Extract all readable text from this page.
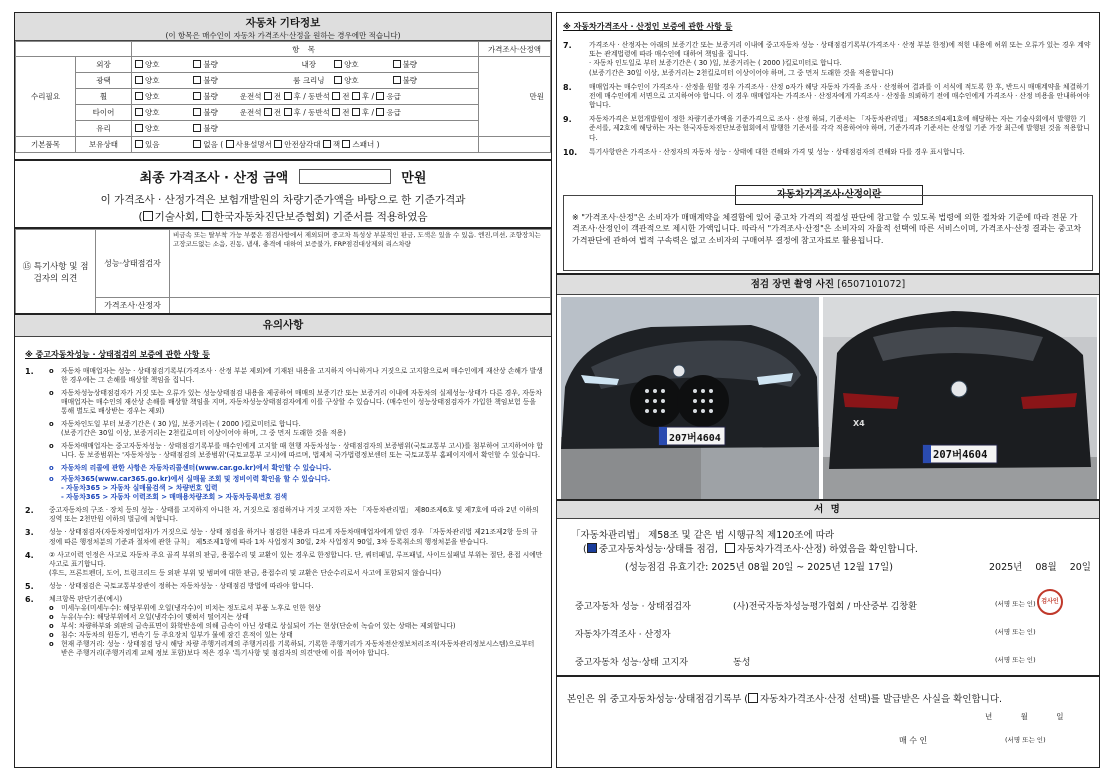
자동차 기타정보
(이 항목은 매수인이 자동차 가격조사·산정을 원하는 경우에만 적습니다)
		항 목	가격조사·산정액
수리필요	외장	양호 불량 내장 양호 불량	만원
	광택	양호 불량 룸 크리닝 양호 불량	
	휠	양호 불량 운전석 전 후 / 동반석 전 후 / 응급	
	타이어	양호 불량 운전석 전 후 / 동반석 전 후 / 응급	
	유리	양호 불량	
기본품목	보유상태	있음 없음 ( 사용설명서 안전삼각대 잭 스패너 )	
최종 가격조사 · 산정 금액	만원
이 가격조사 · 산정가격은 보험개발원의 차량기준가액을 바탕으로 한 기준가격과
( 기술사회, 한국자동차진단보증협회) 기준서를 적용하였음
⑮ 특기사항 및 점검자의 의견	성능·상태점검자	비금속 또는 탈부착 가능 부품은 점검사항에서 제외되며 중고차 특성상 부분적인 판금, 도색은 있을 수 있음. 엔진,미션, 조향장치는 고장코드없는 소음, 진동, 냄새, 충격에 대하여 보증불가, FRP점검대상제외 리스차량
	가격조사·산정자	
유의사항
※ 중고자동차성능 · 상태점검의 보증에 관한 사항 등
1. o 자동차 매매업자는 성능 · 상태점검기록부(가격조사 · 산정 부분 제외)에 기재된 내용을 고지하지 아니하거나 거짓으로 고지함으로써 매수인에게 재산상 손해가 발생한 경우에는 그 손해를 배상할 책임을 집니다.
o 자동차성능상태점검자가 거짓 또는 오류가 있는 성능상태점검 내용을 제공하여 매매의 보증기간 또는 보증거리 이내에 자동차의 실제성능·상태가 다른 경우, 자동차매매업자는 매수인의 재산상 손해를 배상할 책임을 지며, 자동차성능상태점검자에게 이를 구상할 수 있습니다. (매수인이 성능상태점검자가 가입한 책임보험 등을 통해 별도로 배상받는 경우는 제외)
o 자동차인도일 부터 보증기간은 ( 30 )일, 보증거리는 ( 2000 )킬로미터로 합니다.
(보증기간은 30일 이상, 보증거리는 2천킬로미터 이상이어야 하며, 그 중 먼저 도래한 것을 적용)
o 자동차매매업자는 중고자동차성능 · 상태점검기록부를 매수인에게 고지할 때 현행 자동차성능 · 상태점검자의 보증범위(국토교통부 고시)를 첨부하여 고지하여야 합니다. 동 보증범위는 '자동차성능 · 상태점검의 보증범위'(국토교통부 고시)에 따르며, 법제처 국가법령정보센터 또는 국토교통부 홈페이지에서 확인할 수 있습니다.
o 자동차의 리콜에 관한 사항은 자동차리콜센터(www.car.go.kr)에서 확인할 수 있습니다.
o 자동차365(www.car365.go.kr)에서 실매물 조회 및 정비이력 확인을 할 수 있습니다.
- 자동차365 > 자동차 실매물검색 > 차량번호 입력
- 자동차365 > 자동차 이력조회 > 매매용차량조회 > 자동차등록번호 검색
2. 중고자동차의 구조 · 장치 등의 성능 · 상태를 고지하지 아니한 자, 거짓으로 점검하거나 거짓 고지한 자는 「자동차관리법」 제80조제6호 및 제7호에 따라 2년 이하의 징역 또는 2천만원 이하의 벌금에 처합니다.
3. 성능 · 상태점검자(자동차정비업자)가 거짓으로 성능 · 상태 점검을 하거나 점검한 내용과 다르게 자동차매매업자에게 알린 경우 「자동차관리법 제21조제2항 등의 규정에 따른 행정처분의 기준과 절차에 관한 규칙」 제5조제1항에 따라 1차 사업정지 30일, 2차 사업정지 90일, 3차 등록취소의 행정처분을 받습니다.
4. ② 사고이력 인정은 사고로 자동차 주요 골격 부위의 판금, 용접수리 및 교환이 있는 경우로 한정합니다. 단, 쿼터패널, 루프패널, 사이드실패널 부위는 절단, 용접 시에만 사고로 표기합니다.
(후드, 프론트펜더, 도어, 트렁크리드 등 외판 부위 및 범퍼에 대한 판금, 용접수리 및 교환은 단순수리로서 사고에 포함되지 않습니다)
5. 성능 · 상태점검은 국토교통부장관이 정하는 자동차성능 · 상태점검 방법에 따라야 합니다.
6. 체크항목 판단기준(예시)
o 미세누유(미세누수): 해당부위에 오일(냉각수)이 비치는 정도로서 부품 노후로 인한 현상
o 누유(누수): 해당부위에서 오일(냉각수)이 맺혀서 떨어지는 상태
o 부식: 차량하부와 외판의 금속표면이 화학반응에 의해 금속이 아닌 상태로 상실되어 가는 현상(단순히 녹슬어 있는 상태는 제외합니다)
o 침수: 자동차의 원동기, 변속기 등 주요장치 일부가 물에 잠긴 흔적이 있는 상태
o 현재 주행거리: 성능 · 상태점검 당시 해당 차량 주행거리계의 주행거리를 기록하되, 기록한 주행거리가 자동차전산정보처리조직(자동차관리정보시스템)으로부터 받은 주행거리(주행거리계 교체 정보 포함)보다 적은 경우 '특기사항 및 점검자의 의견'란에 이를 적어야 합니다.
※ 자동차가격조사 · 산정인 보증에 관한 사항 등
7.	가격조사 · 산정자는 아래의 보증기간 또는 보증거리 이내에 중고자동차 성능 · 상태점검기록부(가격조사 · 산정 부분 한정)에 적힌 내용에 허위 또는 오류가 있는 경우 계약 또는 관계법령에 따라 매수인에 대하여 책임을 집니다.
· 자동차 인도일로 부터 보증기간은 ( 30 )일, 보증거리는 ( 2000 )킬로미터로 합니다.
(보증기간은 30일 이상, 보증거리는 2천킬로미터 이상이어야 하며, 그 중 먼저 도래한 것을 적용합니다)
8.	매매업자는 매수인이 가격조사 · 산정을 원할 경우 가격조사 · 산정 o자가 해당 자동차 가격을 조사 · 산정하여 결과를 이 서식에 적도록 한 후, 반드시 매매계약을 체결하기 전에 매수인에게 서면으로 고지하여야 합니다. 이 경우 매매업자는 가격조사 · 산정자에게 가격조사 · 산정을 의뢰하기 전에 매수인에게 가격조사 · 산정 비용을 안내하여야 합니다.
9.	자동차가격은 보험개발원이 정한 차량기준가액을 기준가격으로 조사 · 산정 하되, 기준서는 「자동차관리법」 제58조의4제1호에 해당하는 자는 기술사회에서 발행한 기준서를, 제2호에 해당하는 자는 한국자동차진단보증협회에서 발행한 기준서를 각각 적용하여야 하며, 기준가격과 기준서는 산정일 기준 가장 최근에 발행된 것을 적용합니다.
10. 특기사항란은 가격조사 · 산정자의 자동차 성능 · 상태에 대한 견해와 가격 및 성능 · 상태점검자의 견해와 다를 경우 표시합니다.
자동차가격조사·산정이란
※ "가격조사·산정"은 소비자가 매매계약을 체결함에 있어 중고차 가격의 적절성 판단에 참고할 수 있도록 법령에 의한 절차와 기준에 따라 전문 가격조사·산정인이 객관적으로 제시한 가액입니다. 따라서 "가격조사·산정"은 소비자의 자율적 선택에 따른 서비스이며, 가격조사·산정 결과는 중고차 가격판단에 관하여 법적 구속력은 없고 소비자의 구매여부 결정에 참고자료로 활용됩니다.
점검 장면 촬영 사진 [6507101072]
207버4604
X4
207버4604
서 명
「자동차관리법」 제58조 및 같은 법 시행규칙 제120조에 따라
( 중고자동차성능·상태를 점검, 자동차가격조사·산정) 하였음을 확인합니다.
(성능점검 유효기간: 2025년 08월 20일 ~ 2025년 12월 17일)	2025년 08월 20일
중고자동차 성능 · 상태점검자	(사)전국자동차성능평가협회 / 마산중부 김창환	(서명 또는 인) 검사인
자동차가격조사 · 산정자	(서명 또는 인)
중고자동차 성능·상태 고지자	동성	(서명 또는 인)
본인은 위 중고자동차성능·상태점검기록부 ( 자동차가격조사·산정 선택)를 발급받은 사실을 확인합니다.
년	월	일
매 수 인	(서명 또는 인)
